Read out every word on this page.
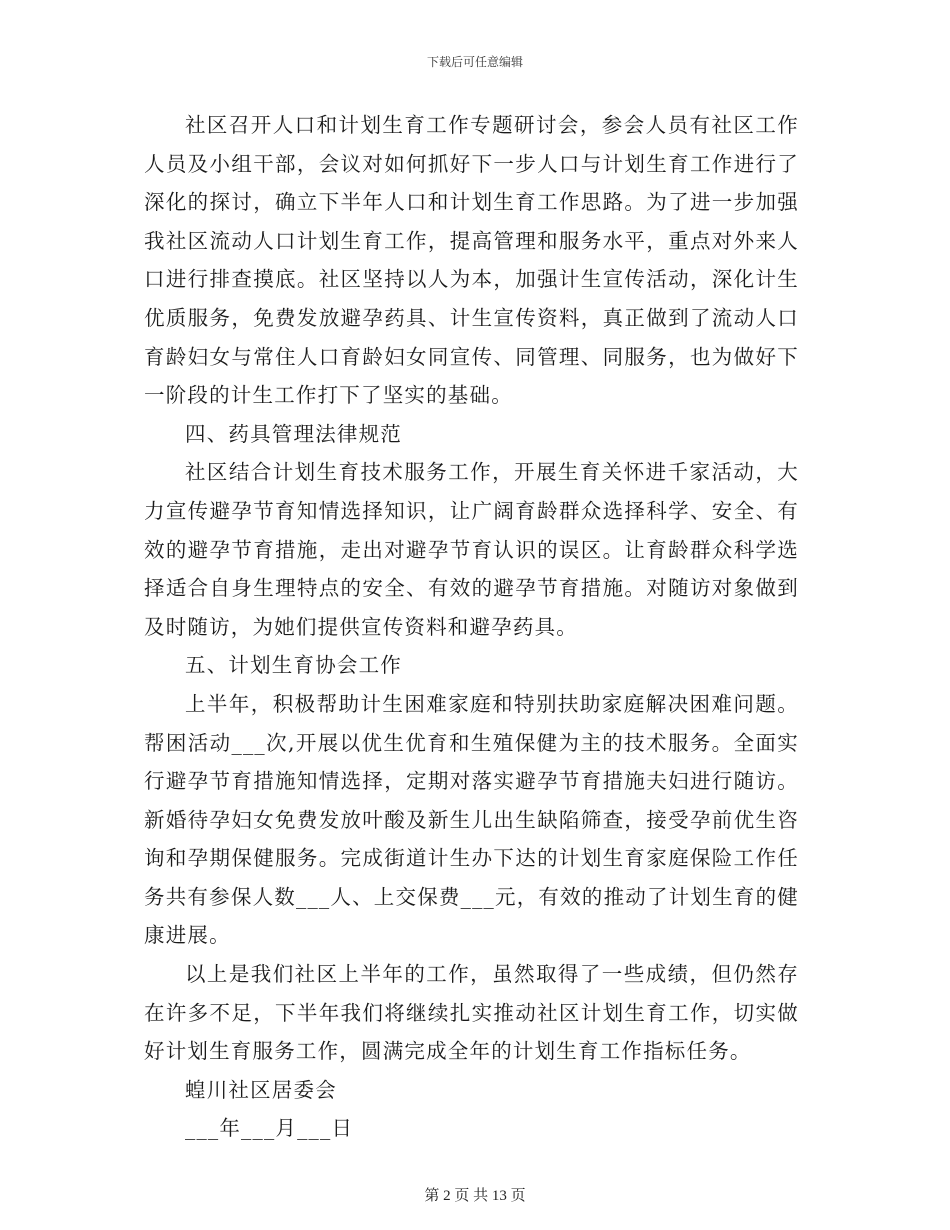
下载后可任意编辑

社区召开人口和计划生育工作专题研讨会，参会人员有社区工作人员及小组干部，会议对如何抓好下一步人口与计划生育工作进行了深化的探讨，确立下半年人口和计划生育工作思路。为了进一步加强我社区流动人口计划生育工作，提高管理和服务水平，重点对外来人口进行排查摸底。社区坚持以人为本，加强计生宣传活动，深化计生优质服务，免费发放避孕药具、计生宣传资料，真正做到了流动人口育龄妇女与常住人口育龄妇女同宣传、同管理、同服务，也为做好下一阶段的计生工作打下了坚实的基础。

四、药具管理法律规范

社区结合计划生育技术服务工作，开展生育关怀进千家活动，大力宣传避孕节育知情选择知识，让广阔育龄群众选择科学、安全、有效的避孕节育措施，走出对避孕节育认识的误区。让育龄群众科学选择适合自身生理特点的安全、有效的避孕节育措施。对随访对象做到及时随访，为她们提供宣传资料和避孕药具。

五、计划生育协会工作

上半年，积极帮助计生困难家庭和特别扶助家庭解决困难问题。帮困活动___次,开展以优生优育和生殖保健为主的技术服务。全面实行避孕节育措施知情选择，定期对落实避孕节育措施夫妇进行随访。新婚待孕妇女免费发放叶酸及新生儿出生缺陷筛查，接受孕前优生咨询和孕期保健服务。完成街道计生办下达的计划生育家庭保险工作任务共有参保人数___人、上交保费___元，有效的推动了计划生育的健康进展。

以上是我们社区上半年的工作，虽然取得了一些成绩，但仍然存在许多不足，下半年我们将继续扎实推动社区计划生育工作，切实做好计划生育服务工作，圆满完成全年的计划生育工作指标任务。

蝗川社区居委会

___年___月___日

第 2 页 共 13 页
